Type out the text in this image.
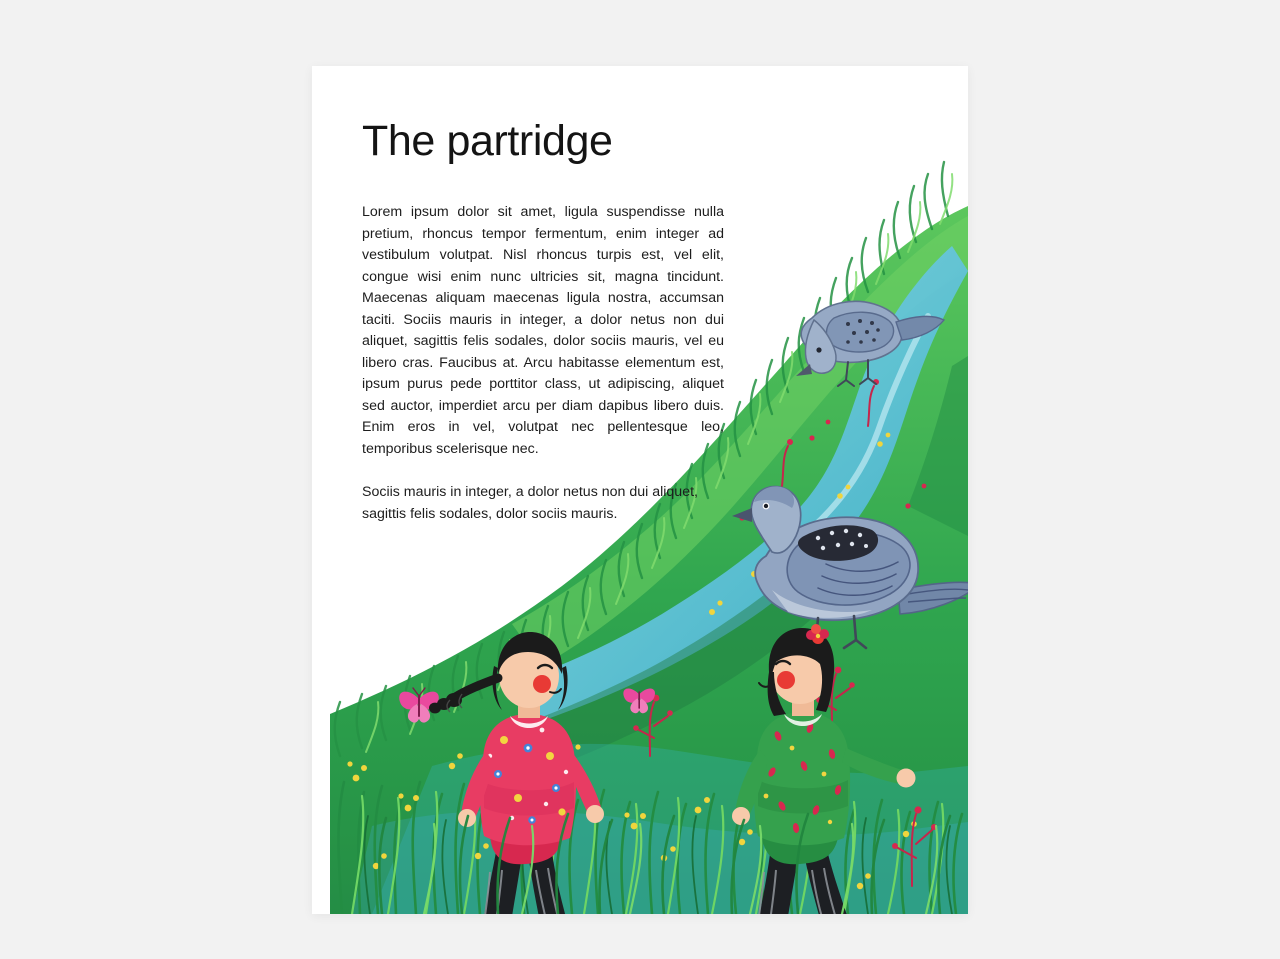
The partridge

Lorem ipsum dolor sit amet, ligula suspendisse nulla pretium, rhoncus tempor fermentum, enim integer ad vestibulum volutpat. Nisl rhoncus turpis est, vel elit, congue wisi enim nunc ultricies sit, magna tincidunt. Maecenas aliquam maecenas ligula nostra, accumsan taciti. Sociis mauris in integer, a dolor netus non dui aliquet, sagittis felis sodales, dolor sociis mauris, vel eu libero cras. Faucibus at. Arcu habitasse elementum est, ipsum purus pede porttitor class, ut adipiscing, aliquet sed auctor, imperdiet arcu per diam dapibus libero duis. Enim eros in vel, volutpat nec pellentesque leo, temporibus scelerisque nec.

Sociis mauris in integer, a dolor netus non dui aliquet, sagittis felis sodales, dolor sociis mauris.
